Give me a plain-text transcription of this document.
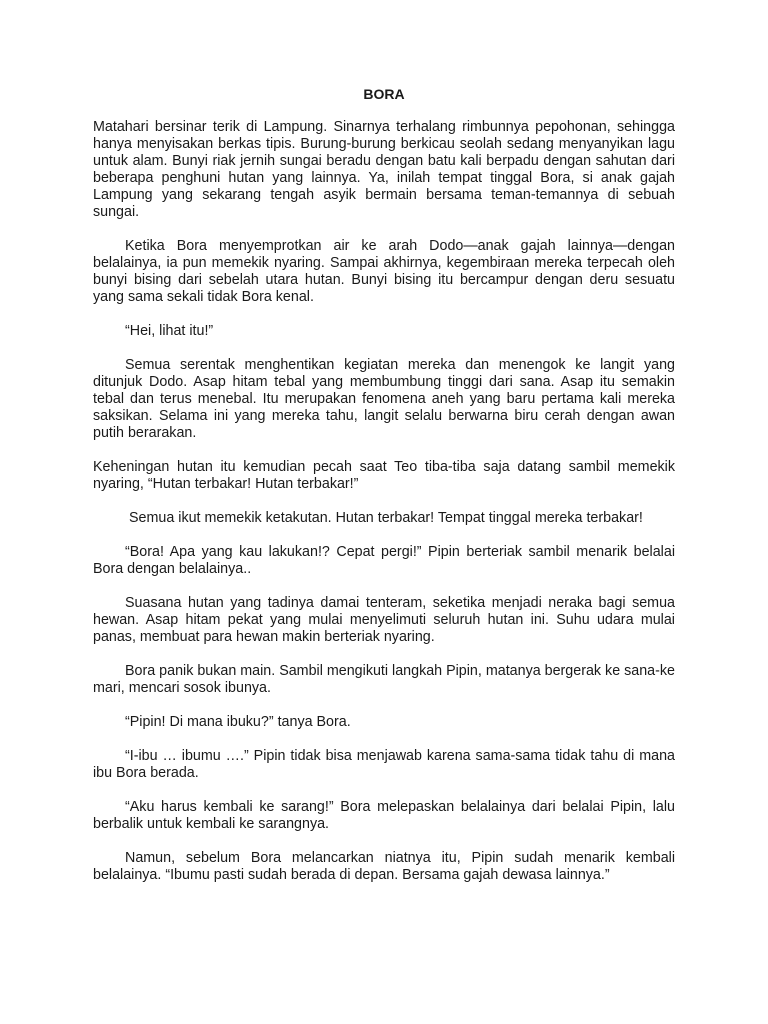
BORA

Matahari bersinar terik di Lampung. Sinarnya terhalang rimbunnya pepohonan, sehingga hanya menyisakan berkas tipis. Burung-burung berkicau seolah sedang menyanyikan lagu untuk alam. Bunyi riak jernih sungai beradu dengan batu kali berpadu dengan sahutan dari beberapa penghuni hutan yang lainnya. Ya, inilah tempat tinggal Bora, si anak gajah Lampung yang sekarang tengah asyik bermain bersama teman-temannya di sebuah sungai.

Ketika Bora menyemprotkan air ke arah Dodo—anak gajah lainnya—dengan belalainya, ia pun memekik nyaring. Sampai akhirnya, kegembiraan mereka terpecah oleh bunyi bising dari sebelah utara hutan. Bunyi bising itu bercampur dengan deru sesuatu yang sama sekali tidak Bora kenal.

“Hei, lihat itu!”

Semua serentak menghentikan kegiatan mereka dan menengok ke langit yang ditunjuk Dodo. Asap hitam tebal yang membumbung tinggi dari sana. Asap itu semakin tebal dan terus menebal. Itu merupakan fenomena aneh yang baru pertama kali mereka saksikan. Selama ini yang mereka tahu, langit selalu berwarna biru cerah dengan awan putih berarakan.

Keheningan hutan itu kemudian pecah saat Teo tiba-tiba saja datang sambil memekik nyaring, “Hutan terbakar! Hutan terbakar!”

Semua ikut memekik ketakutan. Hutan terbakar! Tempat tinggal mereka terbakar!

“Bora! Apa yang kau lakukan!? Cepat pergi!” Pipin berteriak sambil menarik belalai Bora dengan belalainya..

Suasana hutan yang tadinya damai tenteram, seketika menjadi neraka bagi semua hewan. Asap hitam pekat yang mulai menyelimuti seluruh hutan ini. Suhu udara mulai panas, membuat para hewan makin berteriak nyaring.

Bora panik bukan main. Sambil mengikuti langkah Pipin, matanya bergerak ke sana-ke mari, mencari sosok ibunya.

“Pipin! Di mana ibuku?” tanya Bora.

“I-ibu … ibumu ….” Pipin tidak bisa menjawab karena sama-sama tidak tahu di mana ibu Bora berada.

“Aku harus kembali ke sarang!” Bora melepaskan belalainya dari belalai Pipin, lalu berbalik untuk kembali ke sarangnya.

Namun, sebelum Bora melancarkan niatnya itu, Pipin sudah menarik kembali belalainya. “Ibumu pasti sudah berada di depan. Bersama gajah dewasa lainnya.”
